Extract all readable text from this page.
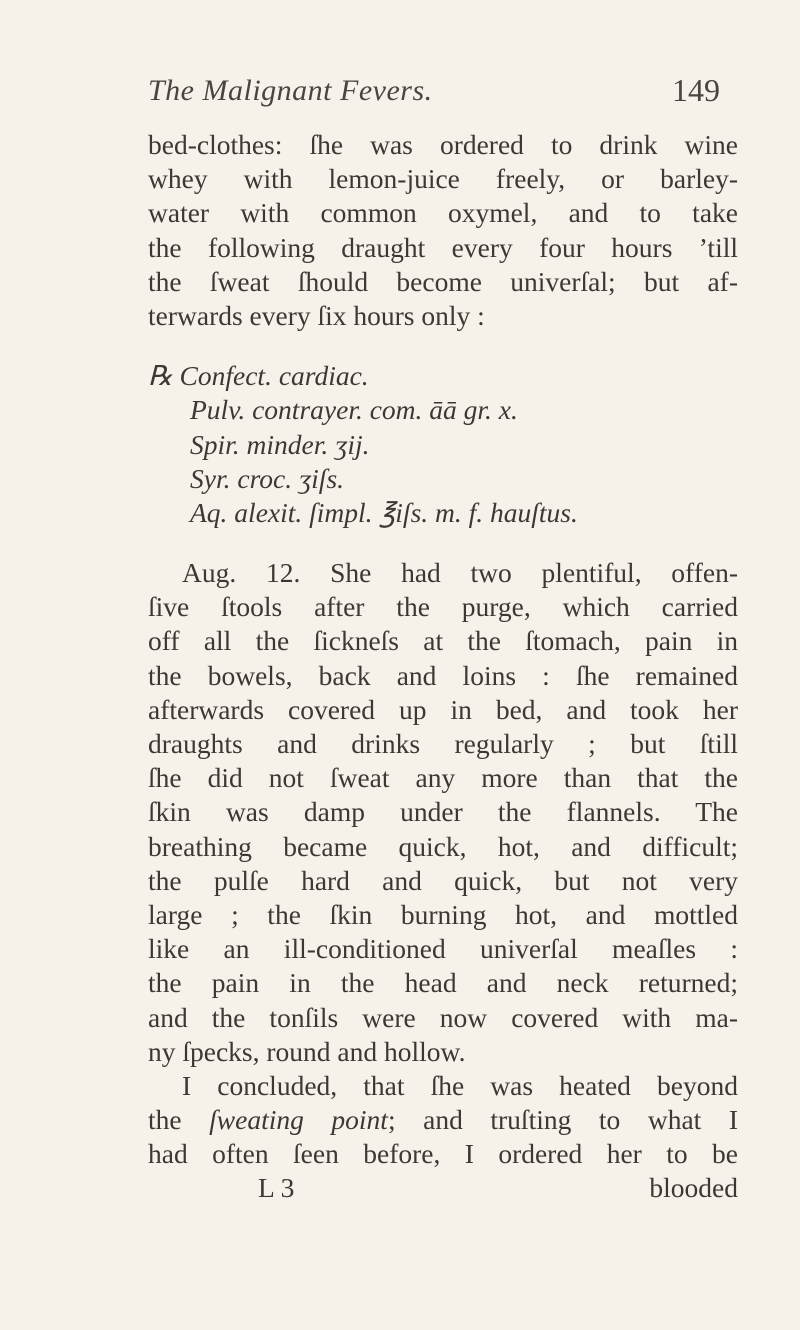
The Malignant Fevers.	149
bed-clothes: ſhe was ordered to drink wine
whey with lemon-juice freely, or barley-
water with common oxymel, and to take
the following draught every four hours ’till
the ſweat ſhould become univerſal; but af-
terwards every ſix hours only :
℞ Confect. cardiac.
Pulv. contrayer. com. āā gr. x.
Spir. minder. ʒij.
Syr. croc. ʒiſs.
Aq. alexit. ſimpl. ℥iſs. m. f. hauſtus.
Aug. 12. She had two plentiful, offen-
ſive ſtools after the purge, which carried
off all the ſickneſs at the ſtomach, pain in
the bowels, back and loins : ſhe remained
afterwards covered up in bed, and took her
draughts and drinks regularly ; but ſtill
ſhe did not ſweat any more than that the
ſkin was damp under the flannels. The
breathing became quick, hot, and difficult;
the pulſe hard and quick, but not very
large ; the ſkin burning hot, and mottled
like an ill-conditioned univerſal meaſles :
the pain in the head and neck returned;
and the tonſils were now covered with ma-
ny ſpecks, round and hollow.
I concluded, that ſhe was heated beyond
the ſweating point; and truſting to what I
had often ſeen before, I ordered her to be
L 3	blooded
